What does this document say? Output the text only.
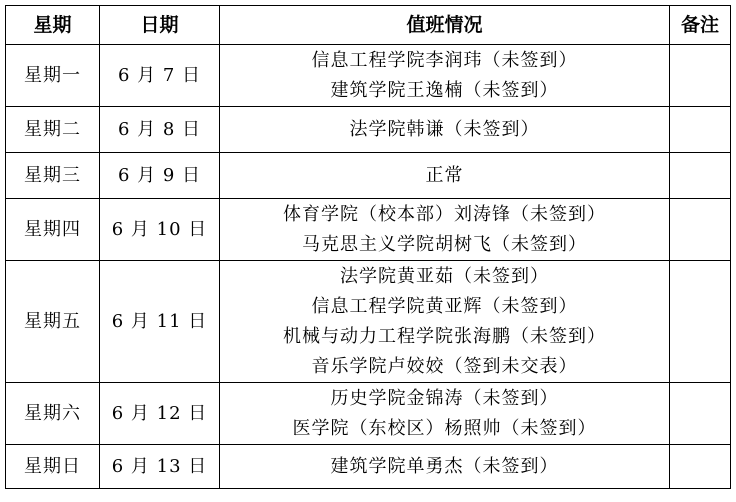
星期	日期	值班情况	备注
星期一	6 月 7 日	信息工程学院李润玮（未签到）
建筑学院王逸楠（未签到）	

星期二	6 月 8 日	法学院韩谦（未签到）	

星期三	6 月 9 日	正常	

星期四	6 月 10 日	体育学院（校本部）刘涛锋（未签到）
马克思主义学院胡树飞（未签到）	

星期五	6 月 11 日	法学院黄亚茹（未签到）
信息工程学院黄亚辉（未签到）
机械与动力工程学院张海鹏（未签到）
音乐学院卢姣姣（签到未交表）	

星期六	6 月 12 日	历史学院金锦涛（未签到）
医学院（东校区）杨照帅（未签到）	

星期日	6 月 13 日	建筑学院单勇杰（未签到）	
